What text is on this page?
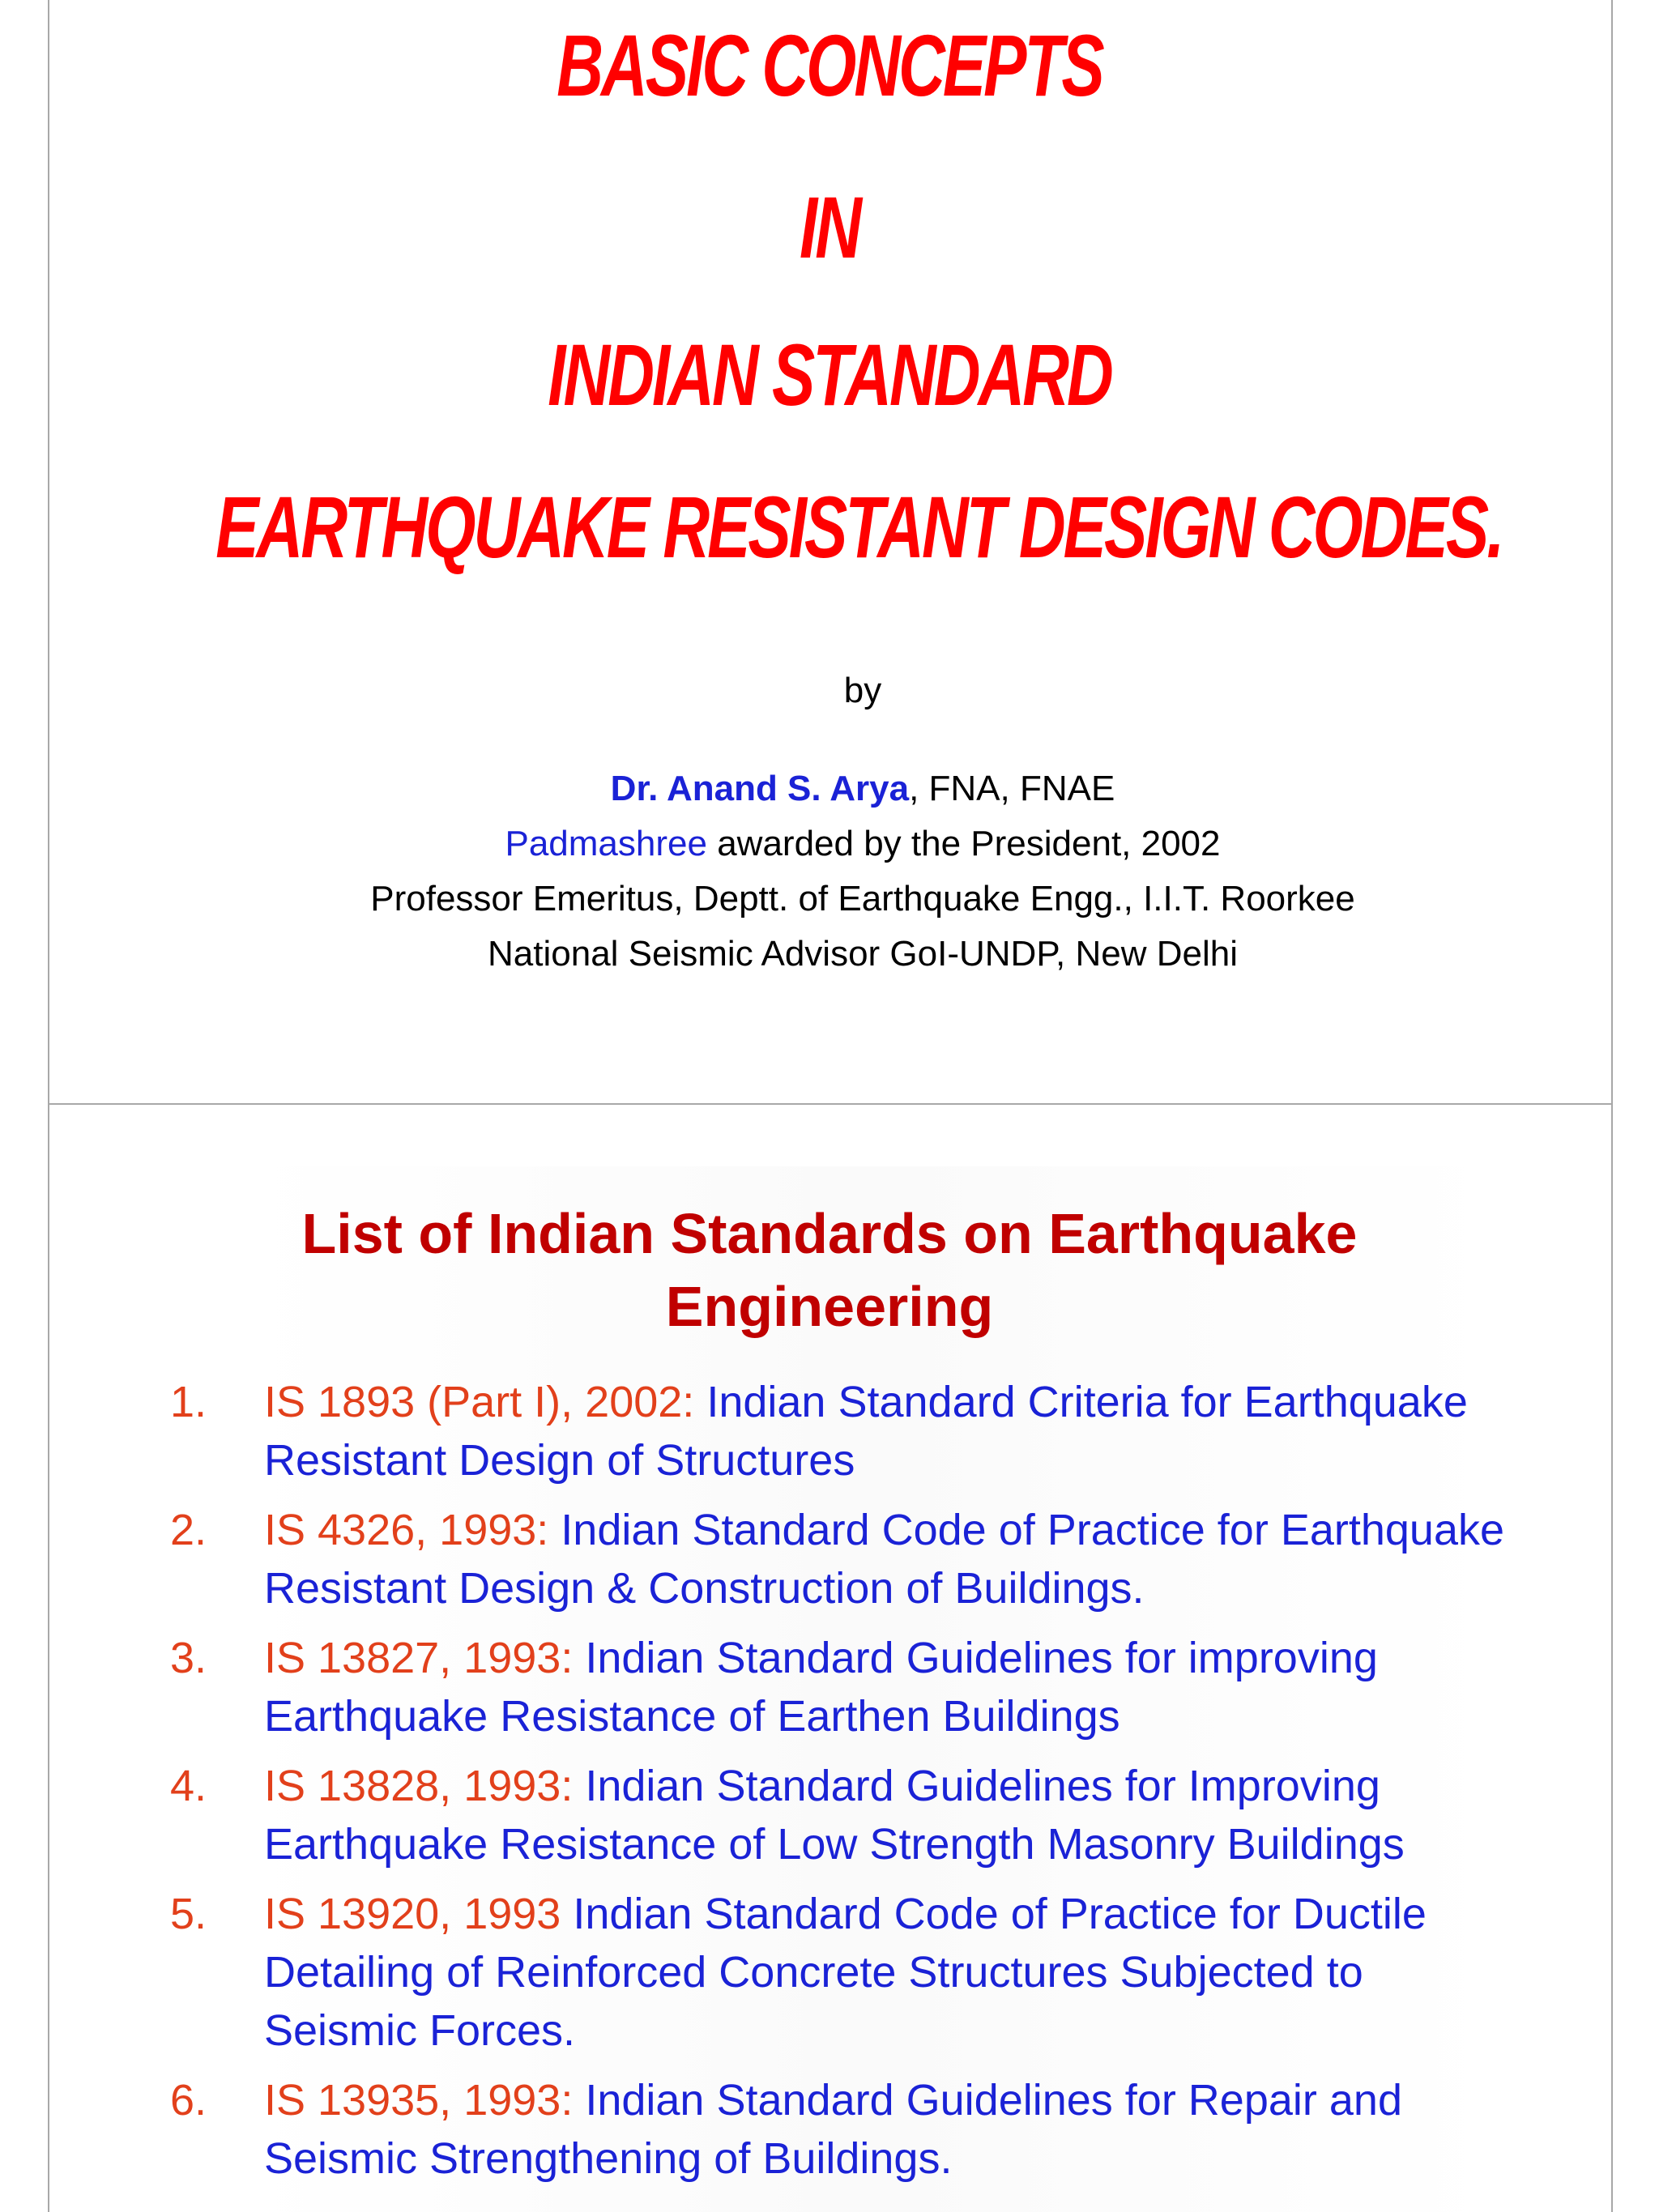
BASIC CONCEPTS
IN
INDIAN STANDARD
EARTHQUAKE RESISTANT DESIGN CODES.
by
Dr. Anand S. Arya, FNA, FNAE
Padmashree awarded by the President, 2002
Professor Emeritus, Deptt. of Earthquake Engg., I.I.T. Roorkee
National Seismic Advisor GoI-UNDP, New Delhi
List of Indian Standards on Earthquake
Engineering
1. IS 1893 (Part I), 2002: Indian Standard Criteria for Earthquake Resistant Design of Structures
2. IS 4326, 1993: Indian Standard Code of Practice for Earthquake Resistant Design & Construction of Buildings.
3. IS 13827, 1993: Indian Standard Guidelines for improving Earthquake Resistance of Earthen Buildings
4. IS 13828, 1993: Indian Standard Guidelines for Improving Earthquake Resistance of Low Strength Masonry Buildings
5. IS 13920, 1993 Indian Standard Code of Practice for Ductile Detailing of Reinforced Concrete Structures Subjected to Seismic Forces.
6. IS 13935, 1993: Indian Standard Guidelines for Repair and Seismic Strengthening of Buildings.
